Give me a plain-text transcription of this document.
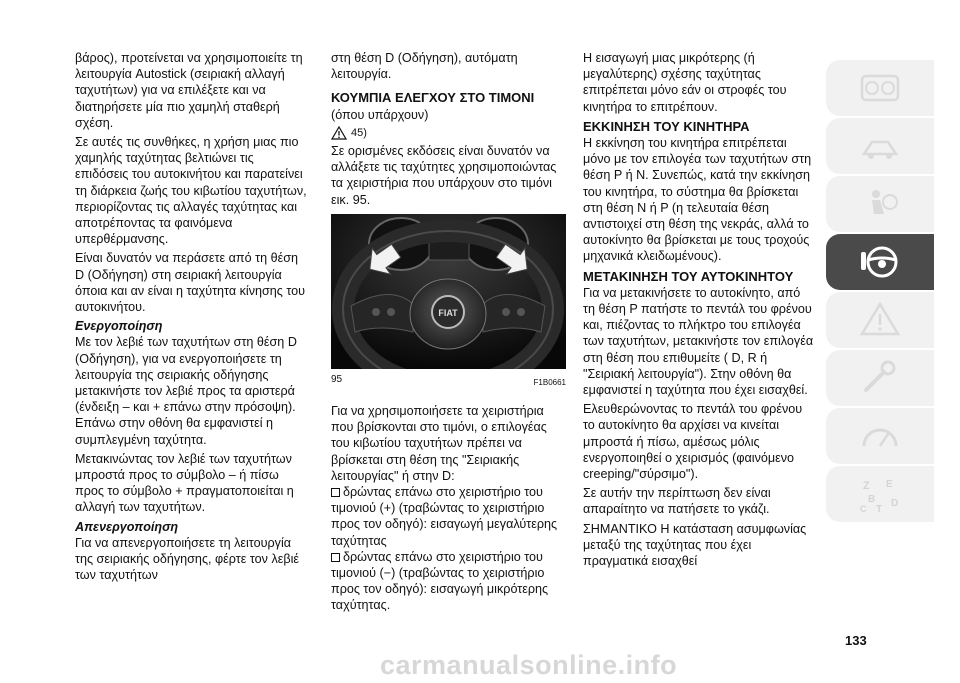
βάρος), προτείνεται να χρησιμοποιείτε τη λειτουργία Autostick (σειριακή αλλαγή ταχυτήτων) για να επιλέξετε και να διατηρήσετε μία πιο χαμηλή σταθερή σχέση.

Σε αυτές τις συνθήκες, η χρήση μιας πιο χαμηλής ταχύτητας βελτιώνει τις επιδόσεις του αυτοκινήτου και παρατείνει τη διάρκεια ζωής του κιβωτίου ταχυτήτων, περιορίζοντας τις αλλαγές ταχύτητας και αποτρέποντας τα φαινόμενα υπερθέρμανσης.

Είναι δυνατόν να περάσετε από τη θέση D (Οδήγηση) στη σειριακή λειτουργία όποια και αν είναι η ταχύτητα κίνησης του αυτοκινήτου.

Ενεργοποίηση

Με τον λεβιέ των ταχυτήτων στη θέση D (Οδήγηση), για να ενεργοποιήσετε τη λειτουργία της σειριακής οδήγησης μετακινήστε τον λεβιέ προς τα αριστερά (ένδειξη – και + επάνω στην πρόσοψη). Επάνω στην οθόνη θα εμφανιστεί η συμπλεγμένη ταχύτητα.

Μετακινώντας τον λεβιέ των ταχυτήτων μπροστά προς το σύμβολο – ή πίσω προς το σύμβολο + πραγματοποιείται η αλλαγή των ταχυτήτων.

Απενεργοποίηση

Για να απενεργοποιήσετε τη λειτουργία της σειριακής οδήγησης, φέρτε τον λεβιέ των ταχυτήτων

στη θέση D (Οδήγηση), αυτόματη λειτουργία.

ΚΟΥΜΠΙΑ ΕΛΕΓΧΟΥ ΣΤΟ ΤΙΜΟΝΙ

(όπου υπάρχουν)

45)

Σε ορισμένες εκδόσεις είναι δυνατόν να αλλάξετε τις ταχύτητες χρησιμοποιώντας τα χειριστήρια που υπάρχουν στο τιμόνι εικ. 95.

FIAT
95	F1B0661

Για να χρησιμοποιήσετε τα χειριστήρια που βρίσκονται στο τιμόνι, ο επιλογέας του κιβωτίου ταχυτήτων πρέπει να βρίσκεται στη θέση της "Σειριακής λειτουργίας" ή στην D:

δρώντας επάνω στο χειριστήριο του τιμονιού (+) (τραβώντας το χειριστήριο προς τον οδηγό): εισαγωγή μεγαλύτερης ταχύτητας

δρώντας επάνω στο χειριστήριο του τιμονιού (−) (τραβώντας το χειριστήριο προς τον οδηγό): εισαγωγή μικρότερης ταχύτητας.

Η εισαγωγή μιας μικρότερης (ή μεγαλύτερης) σχέσης ταχύτητας επιτρέπεται μόνο εάν οι στροφές του κινητήρα το επιτρέπουν.

ΕΚΚΙΝΗΣΗ ΤΟΥ ΚΙΝΗΤΗΡΑ

Η εκκίνηση του κινητήρα επιτρέπεται μόνο με τον επιλογέα των ταχυτήτων στη θέση P ή N. Συνεπώς, κατά την εκκίνηση του κινητήρα, το σύστημα θα βρίσκεται στη θέση N ή P (η τελευταία θέση αντιστοιχεί στη θέση της νεκράς, αλλά το αυτοκίνητο θα βρίσκεται με τους τροχούς μηχανικά κλειδωμένους).

ΜΕΤΑΚΙΝΗΣΗ ΤΟΥ ΑΥΤΟΚΙΝΗΤΟΥ

Για να μετακινήσετε το αυτοκίνητο, από τη θέση P πατήστε το πεντάλ του φρένου και, πιέζοντας το πλήκτρο του επιλογέα των ταχυτήτων, μετακινήστε τον επιλογέα στη θέση που επιθυμείτε ( D, R ή "Σειριακή λειτουργία"). Στην οθόνη θα εμφανιστεί η ταχύτητα που έχει εισαχθεί.

Ελευθερώνοντας το πεντάλ του φρένου το αυτοκίνητο θα αρχίσει να κινείται μπροστά ή πίσω, αμέσως μόλις ενεργοποιηθεί ο χειρισμός (φαινόμενο creeping/"σύρσιμο").

Σε αυτήν την περίπτωση δεν είναι απαραίτητο να πατήσετε το γκάζι.

ΣΗΜΑΝΤΙΚΟ Η κατάσταση ασυμφωνίας μεταξύ της ταχύτητας που έχει πραγματικά εισαχθεί

Z E
B
C T
D
133
carmanualsonline.info
